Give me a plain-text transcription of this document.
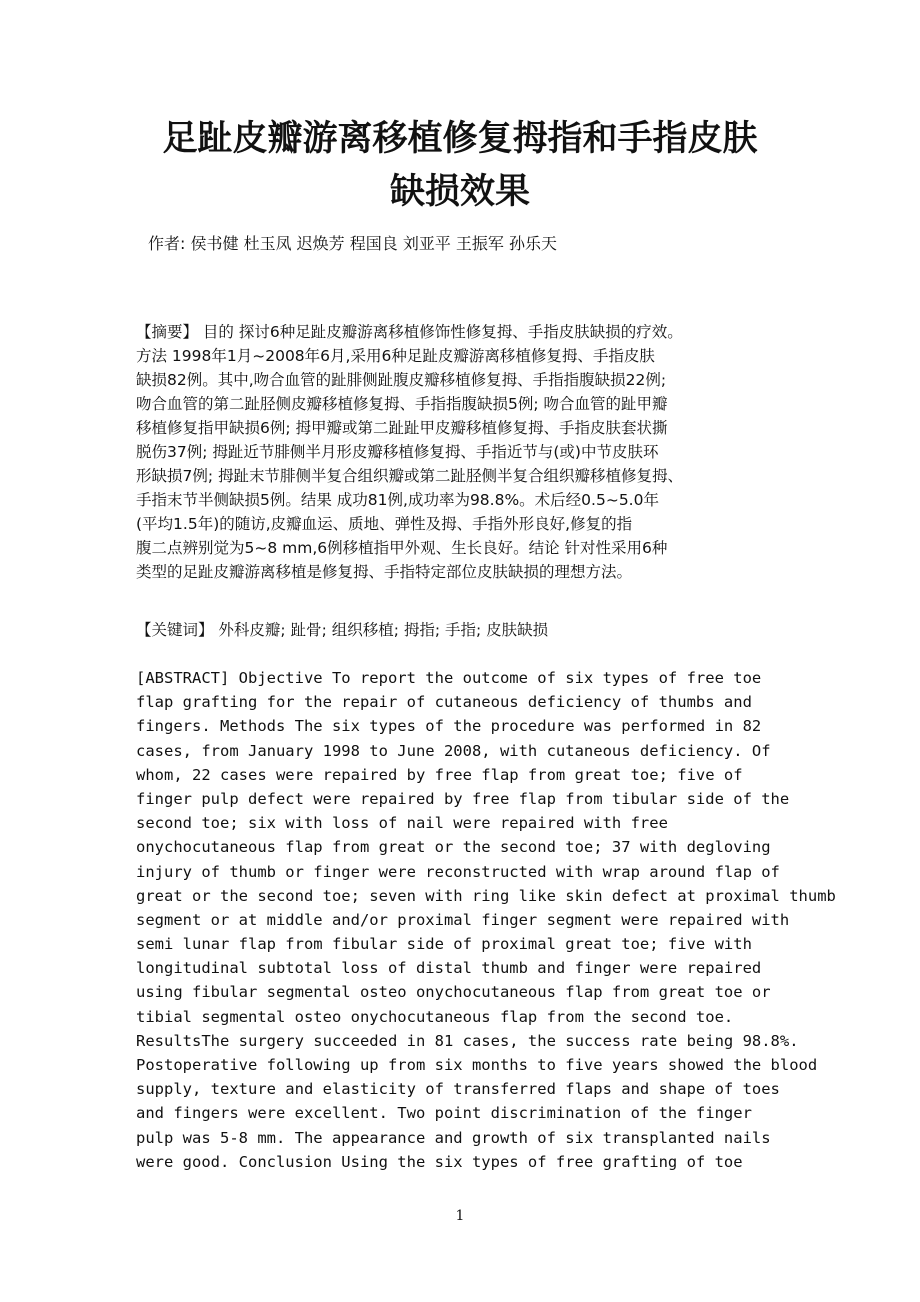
足趾皮瓣游离移植修复拇指和手指皮肤
缺损效果
作者: 侯书健 杜玉凤 迟焕芳 程国良 刘亚平 王振军 孙乐天
【摘要】 目的 探讨6种足趾皮瓣游离移植修饰性修复拇、手指皮肤缺损的疗效。
方法 1998年1月~2008年6月,采用6种足趾皮瓣游离移植修复拇、手指皮肤
缺损82例。其中,吻合血管的趾腓侧趾腹皮瓣移植修复拇、手指指腹缺损22例;
吻合血管的第二趾胫侧皮瓣移植修复拇、手指指腹缺损5例; 吻合血管的趾甲瓣
移植修复指甲缺损6例; 拇甲瓣或第二趾趾甲皮瓣移植修复拇、手指皮肤套状撕
脱伤37例; 拇趾近节腓侧半月形皮瓣移植修复拇、手指近节与(或)中节皮肤环
形缺损7例; 拇趾末节腓侧半复合组织瓣或第二趾胫侧半复合组织瓣移植修复拇、
手指末节半侧缺损5例。结果 成功81例,成功率为98.8%。术后经0.5~5.0年
(平均1.5年)的随访,皮瓣血运、质地、弹性及拇、手指外形良好,修复的指
腹二点辨别觉为5~8 mm,6例移植指甲外观、生长良好。结论 针对性采用6种
类型的足趾皮瓣游离移植是修复拇、手指特定部位皮肤缺损的理想方法。
【关键词】 外科皮瓣; 趾骨; 组织移植; 拇指; 手指; 皮肤缺损
[ABSTRACT] Objective To report the outcome of six types of free toe
flap grafting for the repair of cutaneous deficiency of thumbs and
fingers. Methods The six types of the procedure was performed in 82
cases, from January 1998 to June 2008, with cutaneous deficiency. Of
whom, 22 cases were repaired by free flap from great toe; five of
finger pulp defect were repaired by free flap from tibular side of the
second toe; six with loss of nail were repaired with free
onychocutaneous flap from great or the second toe; 37 with degloving
injury of thumb or finger were reconstructed with wrap around flap of
great or the second toe; seven with ring like skin defect at proximal thumb
segment or at middle and/or proximal finger segment were repaired with
semi lunar flap from fibular side of proximal great toe; five with
longitudinal subtotal loss of distal thumb and finger were repaired
using fibular segmental osteo onychocutaneous flap from great toe or
tibial segmental osteo onychocutaneous flap from the second toe.
ResultsThe surgery succeeded in 81 cases, the success rate being 98.8%.
Postoperative following up from six months to five years showed the blood
supply, texture and elasticity of transferred flaps and shape of toes
and fingers were excellent. Two point discrimination of the finger
pulp was 5-8 mm. The appearance and growth of six transplanted nails
were good. Conclusion Using the six types of free grafting of toe
1
